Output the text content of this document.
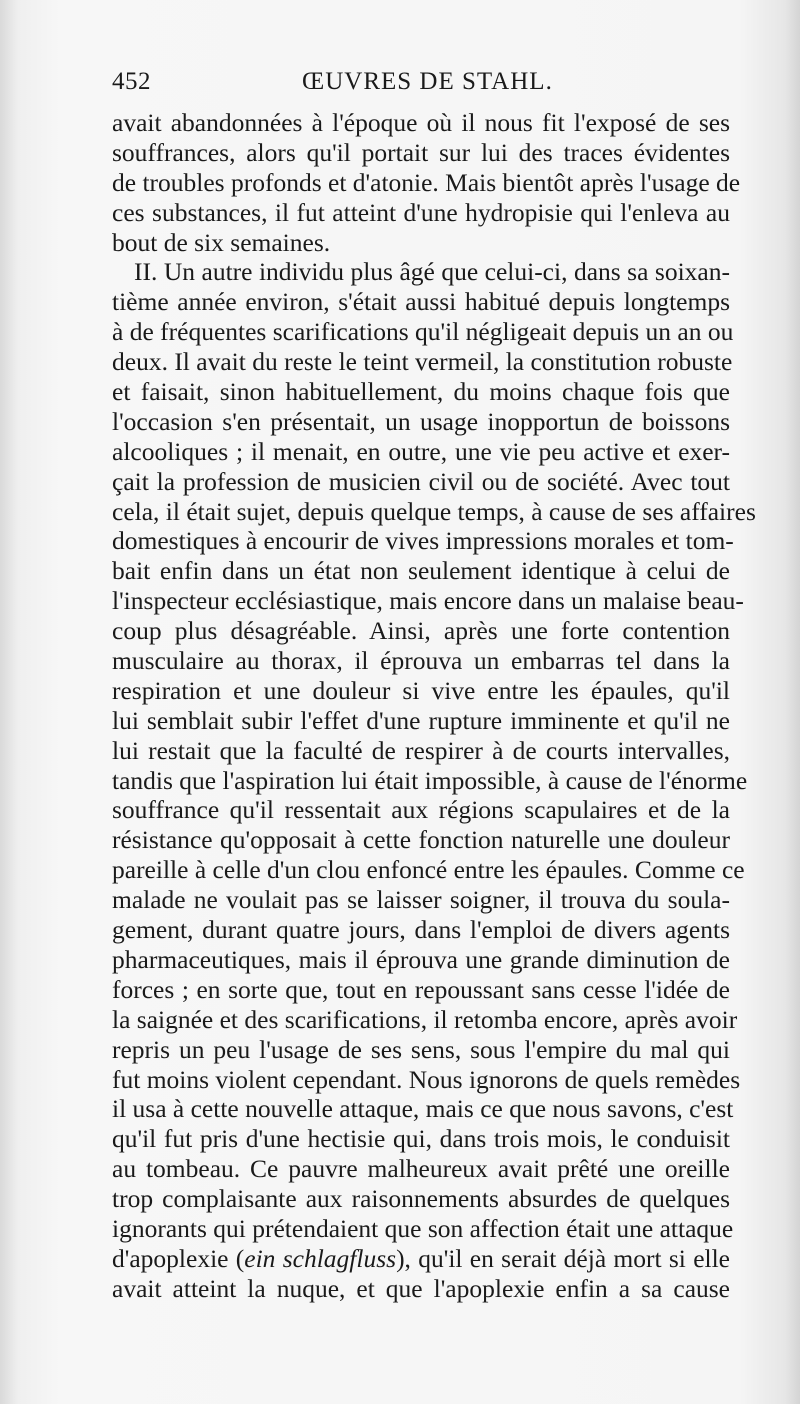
452	ŒUVRES DE STAHL.
avait abandonnées à l'époque où il nous fit l'exposé de ses
souffrances, alors qu'il portait sur lui des traces évidentes
de troubles profonds et d'atonie. Mais bientôt après l'usage de
ces substances, il fut atteint d'une hydropisie qui l'enleva au
bout de six semaines.
II. Un autre individu plus âgé que celui-ci, dans sa soixan-
tième année environ, s'était aussi habitué depuis longtemps
à de fréquentes scarifications qu'il négligeait depuis un an ou
deux. Il avait du reste le teint vermeil, la constitution robuste
et faisait, sinon habituellement, du moins chaque fois que
l'occasion s'en présentait, un usage inopportun de boissons
alcooliques ; il menait, en outre, une vie peu active et exer-
çait la profession de musicien civil ou de société. Avec tout
cela, il était sujet, depuis quelque temps, à cause de ses affaires
domestiques à encourir de vives impressions morales et tom-
bait enfin dans un état non seulement identique à celui de
l'inspecteur ecclésiastique, mais encore dans un malaise beau-
coup plus désagréable. Ainsi, après une forte contention
musculaire au thorax, il éprouva un embarras tel dans la
respiration et une douleur si vive entre les épaules, qu'il
lui semblait subir l'effet d'une rupture imminente et qu'il ne
lui restait que la faculté de respirer à de courts intervalles,
tandis que l'aspiration lui était impossible, à cause de l'énorme
souffrance qu'il ressentait aux régions scapulaires et de la
résistance qu'opposait à cette fonction naturelle une douleur
pareille à celle d'un clou enfoncé entre les épaules. Comme ce
malade ne voulait pas se laisser soigner, il trouva du soula-
gement, durant quatre jours, dans l'emploi de divers agents
pharmaceutiques, mais il éprouva une grande diminution de
forces ; en sorte que, tout en repoussant sans cesse l'idée de
la saignée et des scarifications, il retomba encore, après avoir
repris un peu l'usage de ses sens, sous l'empire du mal qui
fut moins violent cependant. Nous ignorons de quels remèdes
il usa à cette nouvelle attaque, mais ce que nous savons, c'est
qu'il fut pris d'une hectisie qui, dans trois mois, le conduisit
au tombeau. Ce pauvre malheureux avait prêté une oreille
trop complaisante aux raisonnements absurdes de quelques
ignorants qui prétendaient que son affection était une attaque
d'apoplexie (ein schlagfluss), qu'il en serait déjà mort si elle
avait atteint la nuque, et que l'apoplexie enfin a sa cause
